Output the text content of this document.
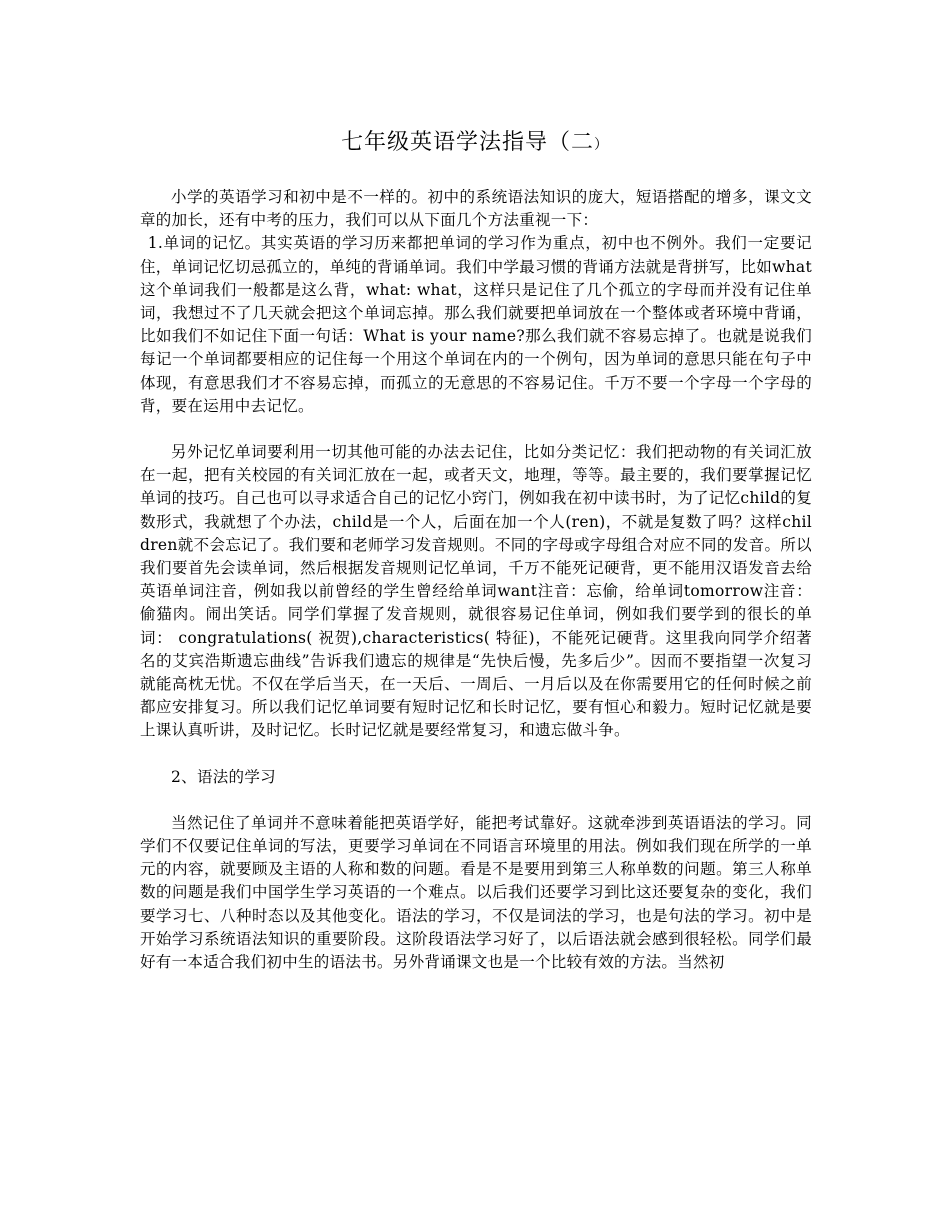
七年级英语学法指导（二）

小学的英语学习和初中是不一样的。初中的系统语法知识的庞大，短语搭配的增多，课文文章的加长，还有中考的压力，我们可以从下面几个方法重视一下：

1.单词的记忆。其实英语的学习历来都把单词的学习作为重点，初中也不例外。我们一定要记住，单词记忆切忌孤立的，单纯的背诵单词。我们中学最习惯的背诵方法就是背拼写，比如what这个单词我们一般都是这么背，what: what，这样只是记住了几个孤立的字母而并没有记住单词，我想过不了几天就会把这个单词忘掉。那么我们就要把单词放在一个整体或者环境中背诵，比如我们不如记住下面一句话：What is your name?那么我们就不容易忘掉了。也就是说我们每记一个单词都要相应的记住每一个用这个单词在内的一个例句，因为单词的意思只能在句子中体现，有意思我们才不容易忘掉，而孤立的无意思的不容易记住。千万不要一个字母一个字母的背，要在运用中去记忆。

另外记忆单词要利用一切其他可能的办法去记住，比如分类记忆：我们把动物的有关词汇放在一起，把有关校园的有关词汇放在一起，或者天文，地理，等等。最主要的，我们要掌握记忆单词的技巧。自己也可以寻求适合自己的记忆小窍门，例如我在初中读书时，为了记忆child的复数形式，我就想了个办法，child是一个人，后面在加一个人(ren)，不就是复数了吗？这样children就不会忘记了。我们要和老师学习发音规则。不同的字母或字母组合对应不同的发音。所以我们要首先会读单词，然后根据发音规则记忆单词，千万不能死记硬背，更不能用汉语发音去给英语单词注音，例如我以前曾经的学生曾经给单词want注音：忘偷，给单词tomorrow注音：偷猫肉。闹出笑话。同学们掌握了发音规则，就很容易记住单词，例如我们要学到的很长的单词： congratulations( 祝贺),characteristics( 特征)，不能死记硬背。这里我向同学介绍著名的艾宾浩斯遗忘曲线”告诉我们遗忘的规律是“先快后慢，先多后少”。因而不要指望一次复习就能高枕无忧。不仅在学后当天，在一天后、一周后、一月后以及在你需要用它的任何时候之前都应安排复习。所以我们记忆单词要有短时记忆和长时记忆，要有恒心和毅力。短时记忆就是要上课认真听讲，及时记忆。长时记忆就是要经常复习，和遗忘做斗争。

2、语法的学习

当然记住了单词并不意味着能把英语学好，能把考试靠好。这就牵涉到英语语法的学习。同学们不仅要记住单词的写法，更要学习单词在不同语言环境里的用法。例如我们现在所学的一单元的内容，就要顾及主语的人称和数的问题。看是不是要用到第三人称单数的问题。第三人称单数的问题是我们中国学生学习英语的一个难点。以后我们还要学习到比这还要复杂的变化，我们要学习七、八种时态以及其他变化。语法的学习，不仅是词法的学习，也是句法的学习。初中是开始学习系统语法知识的重要阶段。这阶段语法学习好了，以后语法就会感到很轻松。同学们最好有一本适合我们初中生的语法书。另外背诵课文也是一个比较有效的方法。当然初
